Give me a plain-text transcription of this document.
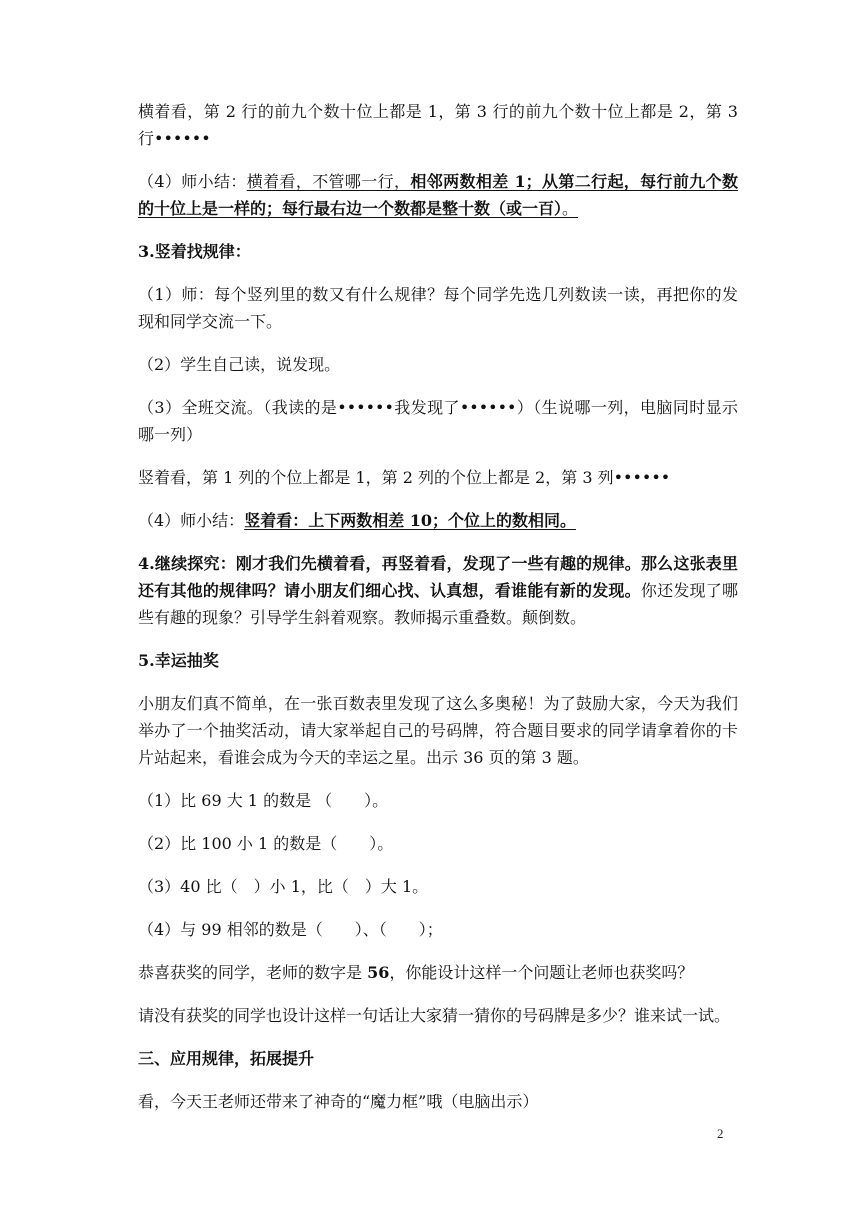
横着看，第 2 行的前九个数十位上都是 1，第 3 行的前九个数十位上都是 2，第 3 行••••••

（4）师小结：横着看，不管哪一行，相邻两数相差 1；从第二行起，每行前九个数的十位上是一样的；每行最右边一个数都是整十数（或一百）。

3.竖着找规律：

（1）师：每个竖列里的数又有什么规律？每个同学先选几列数读一读，再把你的发现和同学交流一下。

（2）学生自己读，说发现。

（3）全班交流。（我读的是••••••我发现了••••••）（生说哪一列，电脑同时显示哪一列）

竖着看，第 1 列的个位上都是 1，第 2 列的个位上都是 2，第 3 列••••••

（4）师小结：竖着看：上下两数相差 10；个位上的数相同。

4.继续探究：刚才我们先横着看，再竖着看，发现了一些有趣的规律。那么这张表里还有其他的规律吗？请小朋友们细心找、认真想，看谁能有新的发现。你还发现了哪些有趣的现象？引导学生斜着观察。教师揭示重叠数。颠倒数。

5.幸运抽奖

小朋友们真不简单，在一张百数表里发现了这么多奥秘！为了鼓励大家，今天为我们举办了一个抽奖活动，请大家举起自己的号码牌，符合题目要求的同学请拿着你的卡片站起来，看谁会成为今天的幸运之星。出示 36 页的第 3 题。

（1）比 69 大 1 的数是 （　　）。

（2）比 100 小 1 的数是（　　）。

（3）40 比（　）小 1，比（　）大 1。

（4）与 99 相邻的数是（　　）、（　　）；

恭喜获奖的同学，老师的数字是 56，你能设计这样一个问题让老师也获奖吗？

请没有获奖的同学也设计这样一句话让大家猜一猜你的号码牌是多少？谁来试一试。

三、应用规律，拓展提升

看，今天王老师还带来了神奇的“魔力框”哦（电脑出示）

2
